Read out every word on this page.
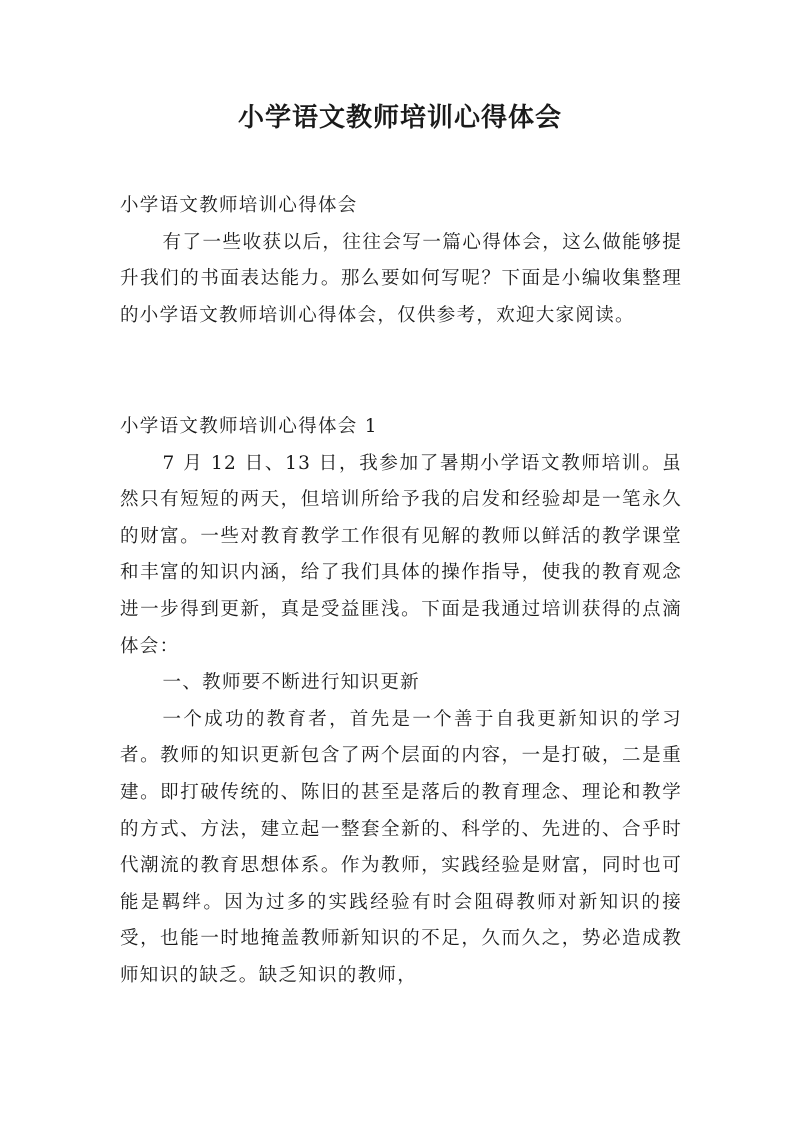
小学语文教师培训心得体会

小学语文教师培训心得体会

有了一些收获以后，往往会写一篇心得体会，这么做能够提升我们的书面表达能力。那么要如何写呢？下面是小编收集整理的小学语文教师培训心得体会，仅供参考，欢迎大家阅读。

小学语文教师培训心得体会 1

7 月 12 日、13 日，我参加了暑期小学语文教师培训。虽然只有短短的两天，但培训所给予我的启发和经验却是一笔永久的财富。一些对教育教学工作很有见解的教师以鲜活的教学课堂和丰富的知识内涵，给了我们具体的操作指导，使我的教育观念进一步得到更新，真是受益匪浅。下面是我通过培训获得的点滴体会：

一、教师要不断进行知识更新

一个成功的教育者，首先是一个善于自我更新知识的学习者。教师的知识更新包含了两个层面的内容，一是打破，二是重建。即打破传统的、陈旧的甚至是落后的教育理念、理论和教学的方式、方法，建立起一整套全新的、科学的、先进的、合乎时代潮流的教育思想体系。作为教师，实践经验是财富，同时也可能是羁绊。因为过多的实践经验有时会阻碍教师对新知识的接受，也能一时地掩盖教师新知识的不足，久而久之，势必造成教师知识的缺乏。缺乏知识的教师，
